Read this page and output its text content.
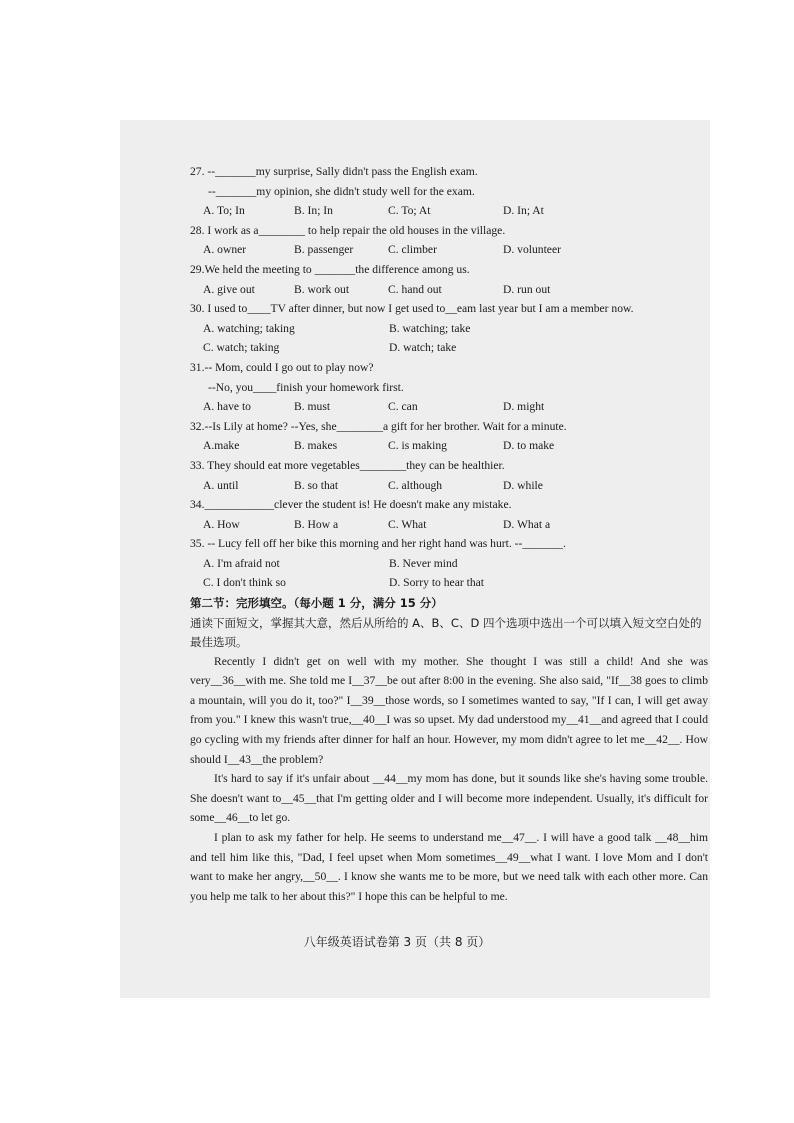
27. --_______my surprise, Sally didn't pass the English exam.
--_______my opinion, she didn't study well for the exam.
A. To; In	B. In; In	C. To; At	D. In; At
28. I work as a________ to help repair the old houses in the village.
A. owner	B. passenger	C. climber	D. volunteer
29.We held the meeting to _______the difference among us.
A. give out	B. work out	C. hand out	D. run out
30. I used to____TV after dinner, but now I get used to__eam last year but I am a member now.
A. watching; taking	B. watching; take
C. watch; taking	D. watch; take
31.-- Mom, could I go out to play now?
--No, you____finish your homework first.
A. have to	B. must	C. can	D. might
32.--Is Lily at home? --Yes, she________a gift for her brother. Wait for a minute.
A.make	B. makes	C. is making	D. to make
33. They should eat more vegetables________they can be healthier.
A. until	B. so that	C. although	D. while
34.____________clever the student is! He doesn't make any mistake.
A. How	B. How a	C. What	D. What a
35. -- Lucy fell off her bike this morning and her right hand was hurt. --_______.
A. I'm afraid not	B. Never mind
C. I don't think so	D. Sorry to hear that
第二节：完形填空。（每小题 1 分，满分 15 分）
通读下面短文，掌握其大意，然后从所给的 A、B、C、D 四个选项中选出一个可以填入短文空白处的最佳选项。

Recently I didn't get on well with my mother. She thought I was still a child! And she was very__36__with me. She told me I__37__be out after 8:00 in the evening. She also said, "If__38 goes to climb a mountain, will you do it, too?" I__39__those words, so I sometimes wanted to say, "If I can, I will get away from you." I knew this wasn't true,__40__I was so upset. My dad understood my__41__and agreed that I could go cycling with my friends after dinner for half an hour. However, my mom didn't agree to let me__42__. How should I__43__the problem?

It's hard to say if it's unfair about __44__my mom has done, but it sounds like she's having some trouble. She doesn't want to__45__that I'm getting older and I will become more independent. Usually, it's difficult for some__46__to let go.

I plan to ask my father for help. He seems to understand me__47__. I will have a good talk __48__him and tell him like this, "Dad, I feel upset when Mom sometimes__49__what I want. I love Mom and I don't want to make her angry,__50__. I know she wants me to be more, but we need talk with each other more. Can you help me talk to her about this?" I hope this can be helpful to me.

八年级英语试卷第 3 页（共 8 页）
